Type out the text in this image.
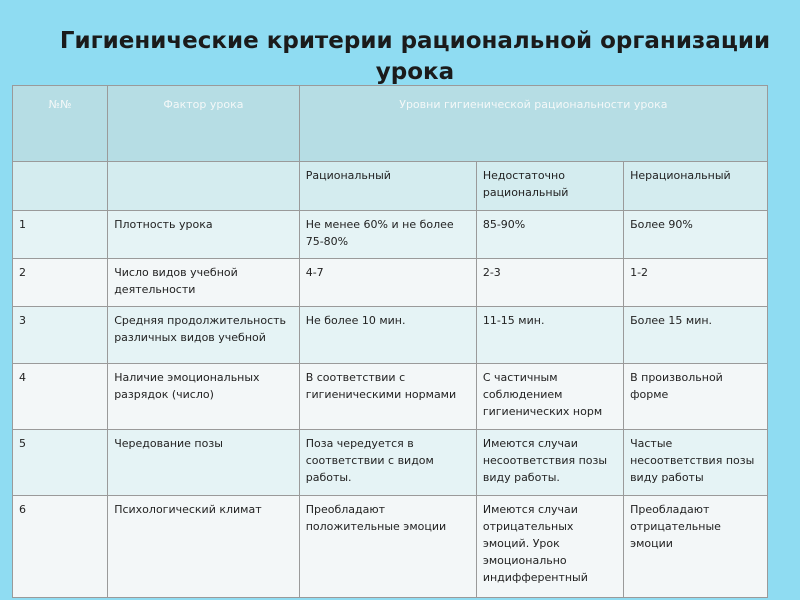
Гигиенические критерии рациональной организации
урока
№№	Фактор урока	Уровни гигиенической рациональности урока		
		Рациональный	Недостаточно рациональный	Нерациональный
1	Плотность урока	Не менее 60% и не более 75-80%	85-90%	Более 90%
2	Число видов учебной деятельности	4-7	2-3	1-2
3	Средняя продолжительность различных видов учебной	Не более 10 мин.	11-15 мин.	Более 15 мин.
4	Наличие эмоциональных разрядок (число)	В соответствии с гигиеническими нормами	С частичным соблюдением гигиенических норм	В произвольной форме
5	Чередование позы	Поза чередуется в соответствии с видом работы.	Имеются случаи несоответствия позы виду работы.	Частые несоответствия позы виду работы
6	Психологический климат	Преобладают положительные эмоции	Имеются случаи отрицательных эмоций. Урок эмоционально индифферентный	Преобладают отрицательные эмоции
